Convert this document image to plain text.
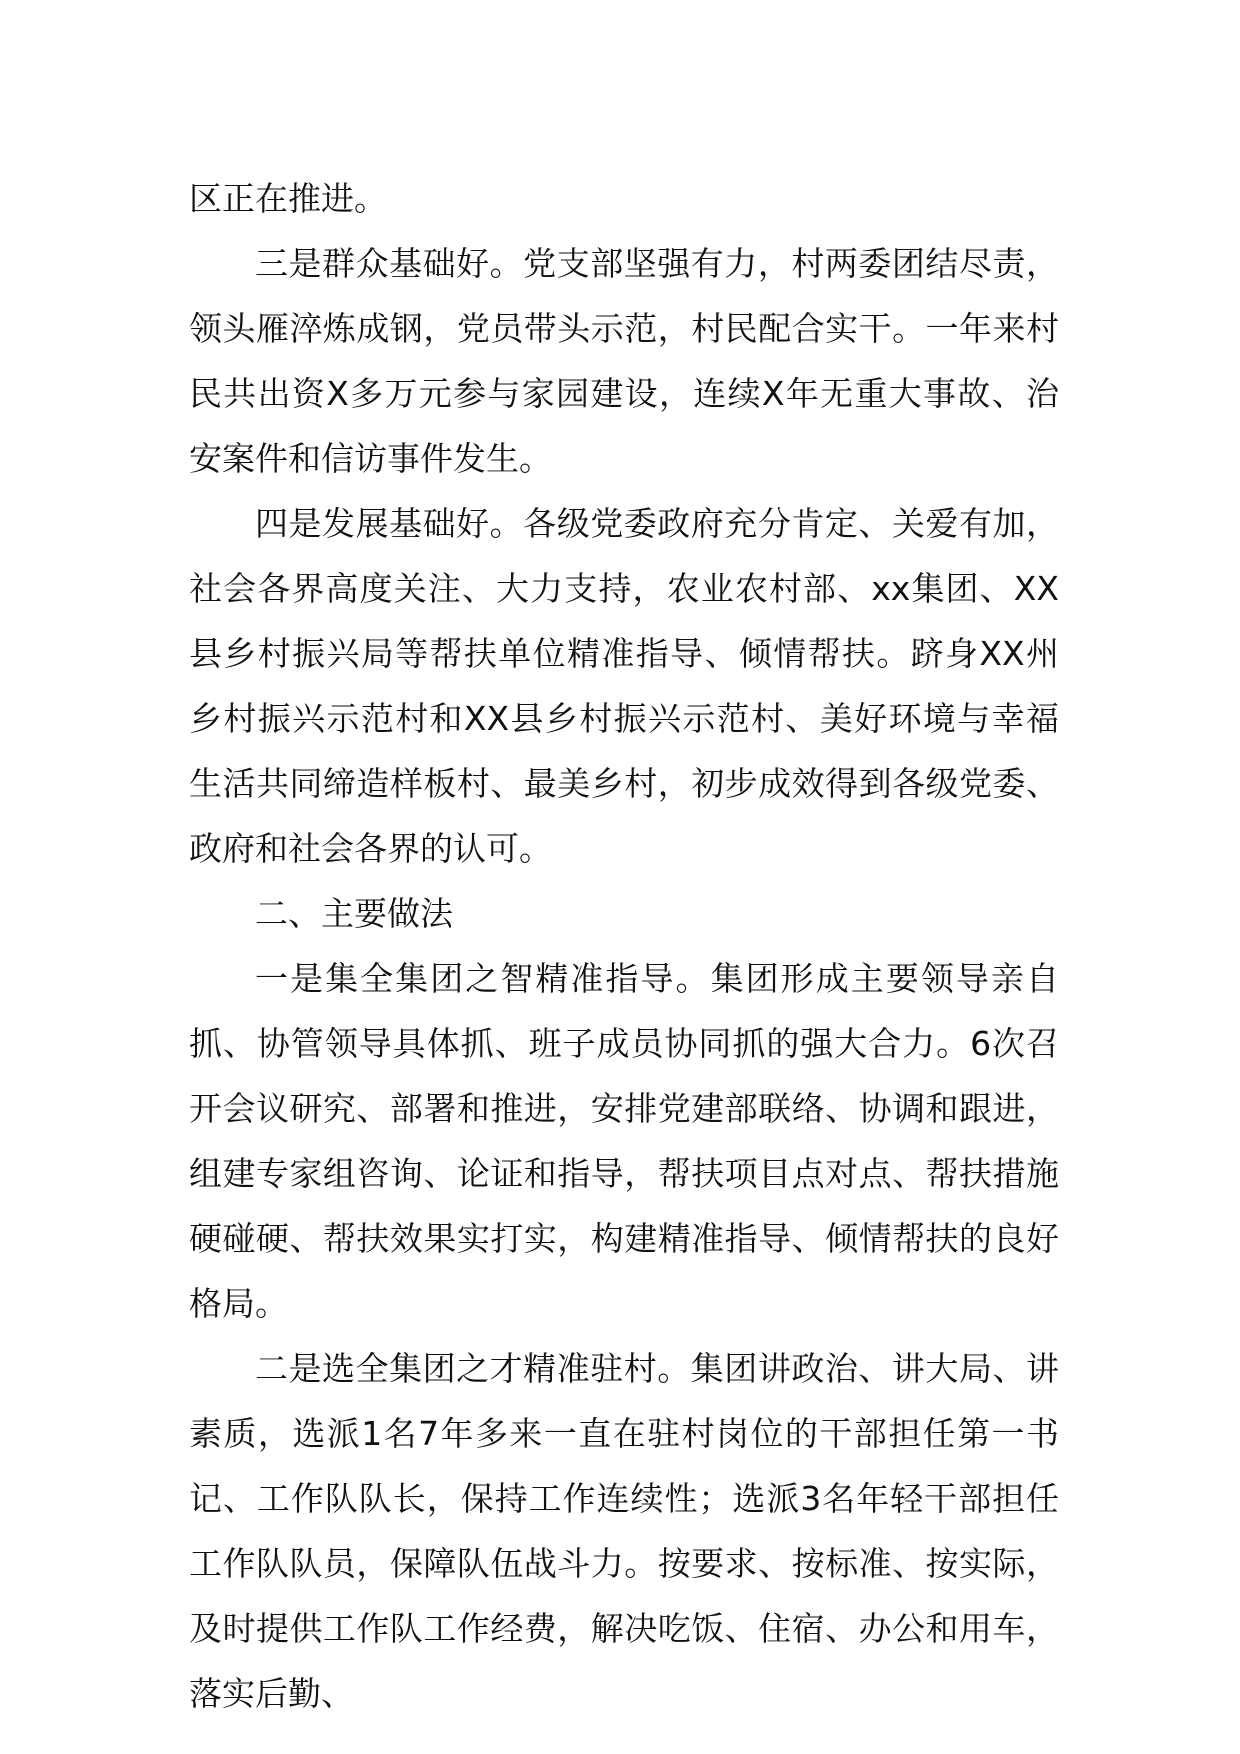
区正在推进。

三是群众基础好。党支部坚强有力，村两委团结尽责，领头雁淬炼成钢，党员带头示范，村民配合实干。一年来村民共出资X多万元参与家园建设，连续X年无重大事故、治安案件和信访事件发生。

四是发展基础好。各级党委政府充分肯定、关爱有加，社会各界高度关注、大力支持，农业农村部、xx集团、XX县乡村振兴局等帮扶单位精准指导、倾情帮扶。跻身XX州乡村振兴示范村和XX县乡村振兴示范村、美好环境与幸福生活共同缔造样板村、最美乡村，初步成效得到各级党委、政府和社会各界的认可。

二、主要做法

一是集全集团之智精准指导。集团形成主要领导亲自抓、协管领导具体抓、班子成员协同抓的强大合力。6次召开会议研究、部署和推进，安排党建部联络、协调和跟进，组建专家组咨询、论证和指导，帮扶项目点对点、帮扶措施硬碰硬、帮扶效果实打实，构建精准指导、倾情帮扶的良好格局。

二是选全集团之才精准驻村。集团讲政治、讲大局、讲素质，选派1名7年多来一直在驻村岗位的干部担任第一书记、工作队队长，保持工作连续性；选派3名年轻干部担任工作队队员，保障队伍战斗力。按要求、按标准、按实际，及时提供工作队工作经费，解决吃饭、住宿、办公和用车，落实后勤、
